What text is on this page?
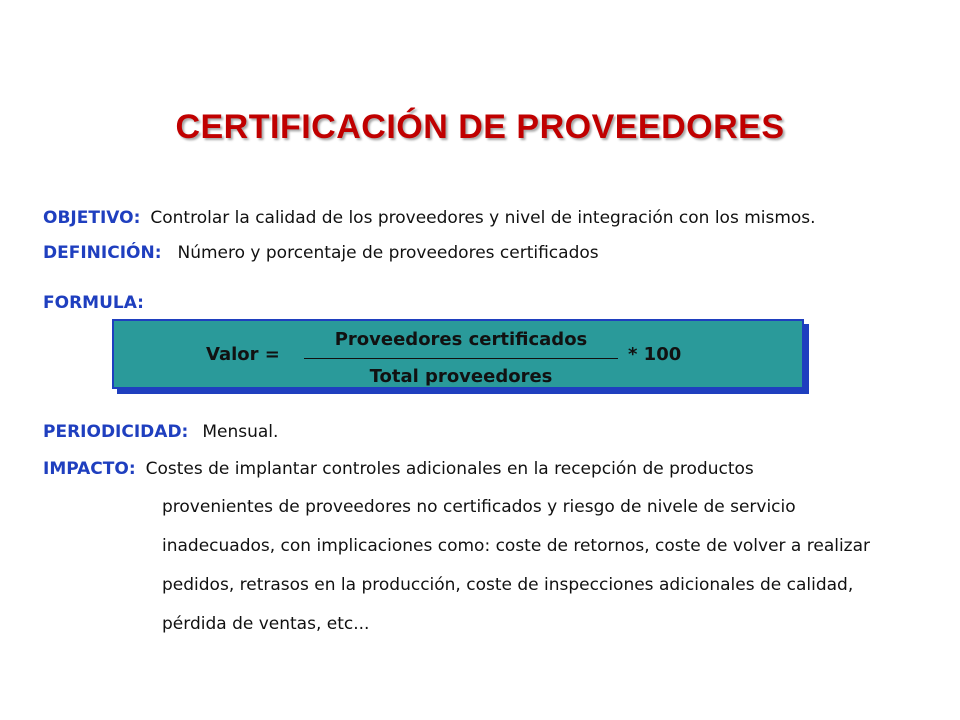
CERTIFICACIÓN DE PROVEEDORES
OBJETIVO: Controlar la calidad de los proveedores y nivel de integración con los mismos.
DEFINICIÓN: Número y porcentaje de proveedores certificados
FORMULA:
Valor =
Proveedores certificados
Total proveedores
* 100
PERIODICIDAD: Mensual.
IMPACTO: Costes de implantar controles adicionales en la recepción de productos
provenientes de proveedores no certificados y riesgo de nivele de servicio
inadecuados, con implicaciones como: coste de retornos, coste de volver a realizar
pedidos, retrasos en la producción, coste de inspecciones adicionales de calidad,
pérdida de ventas, etc...
